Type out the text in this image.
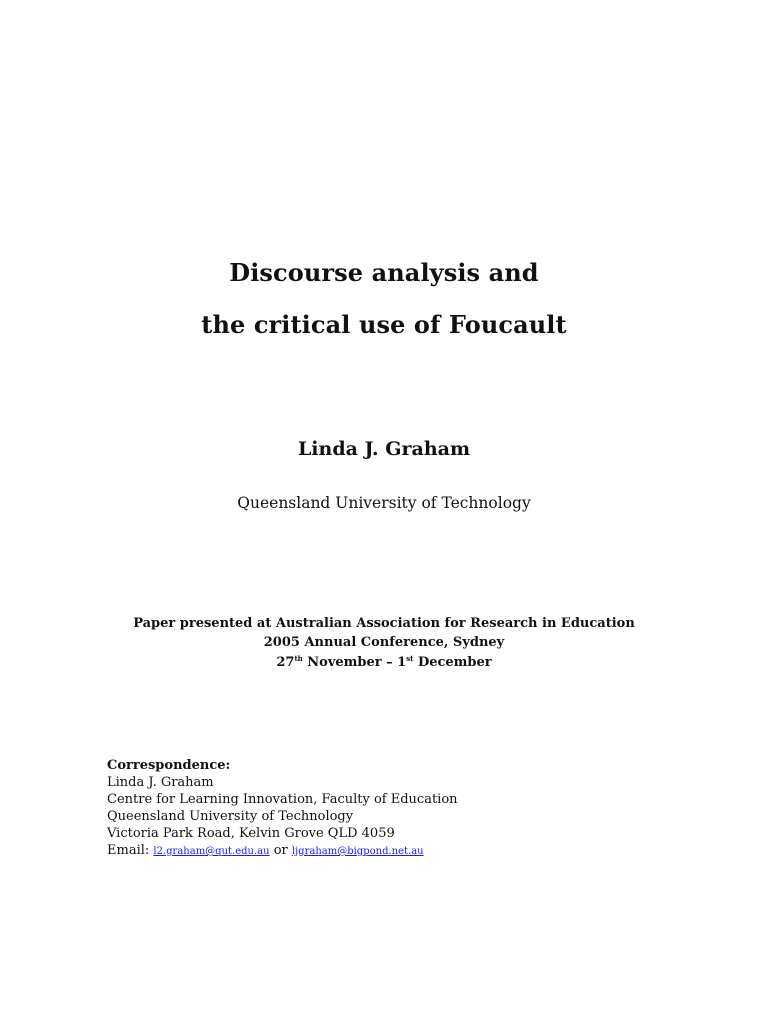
Discourse analysis and
the critical use of Foucault
Linda J. Graham
Queensland University of Technology
Paper presented at Australian Association for Research in Education
2005 Annual Conference, Sydney
27th November – 1st December
Correspondence:
Linda J. Graham
Centre for Learning Innovation, Faculty of Education
Queensland University of Technology
Victoria Park Road, Kelvin Grove QLD 4059
Email: l2.graham@qut.edu.au or ljgraham@bigpond.net.au
